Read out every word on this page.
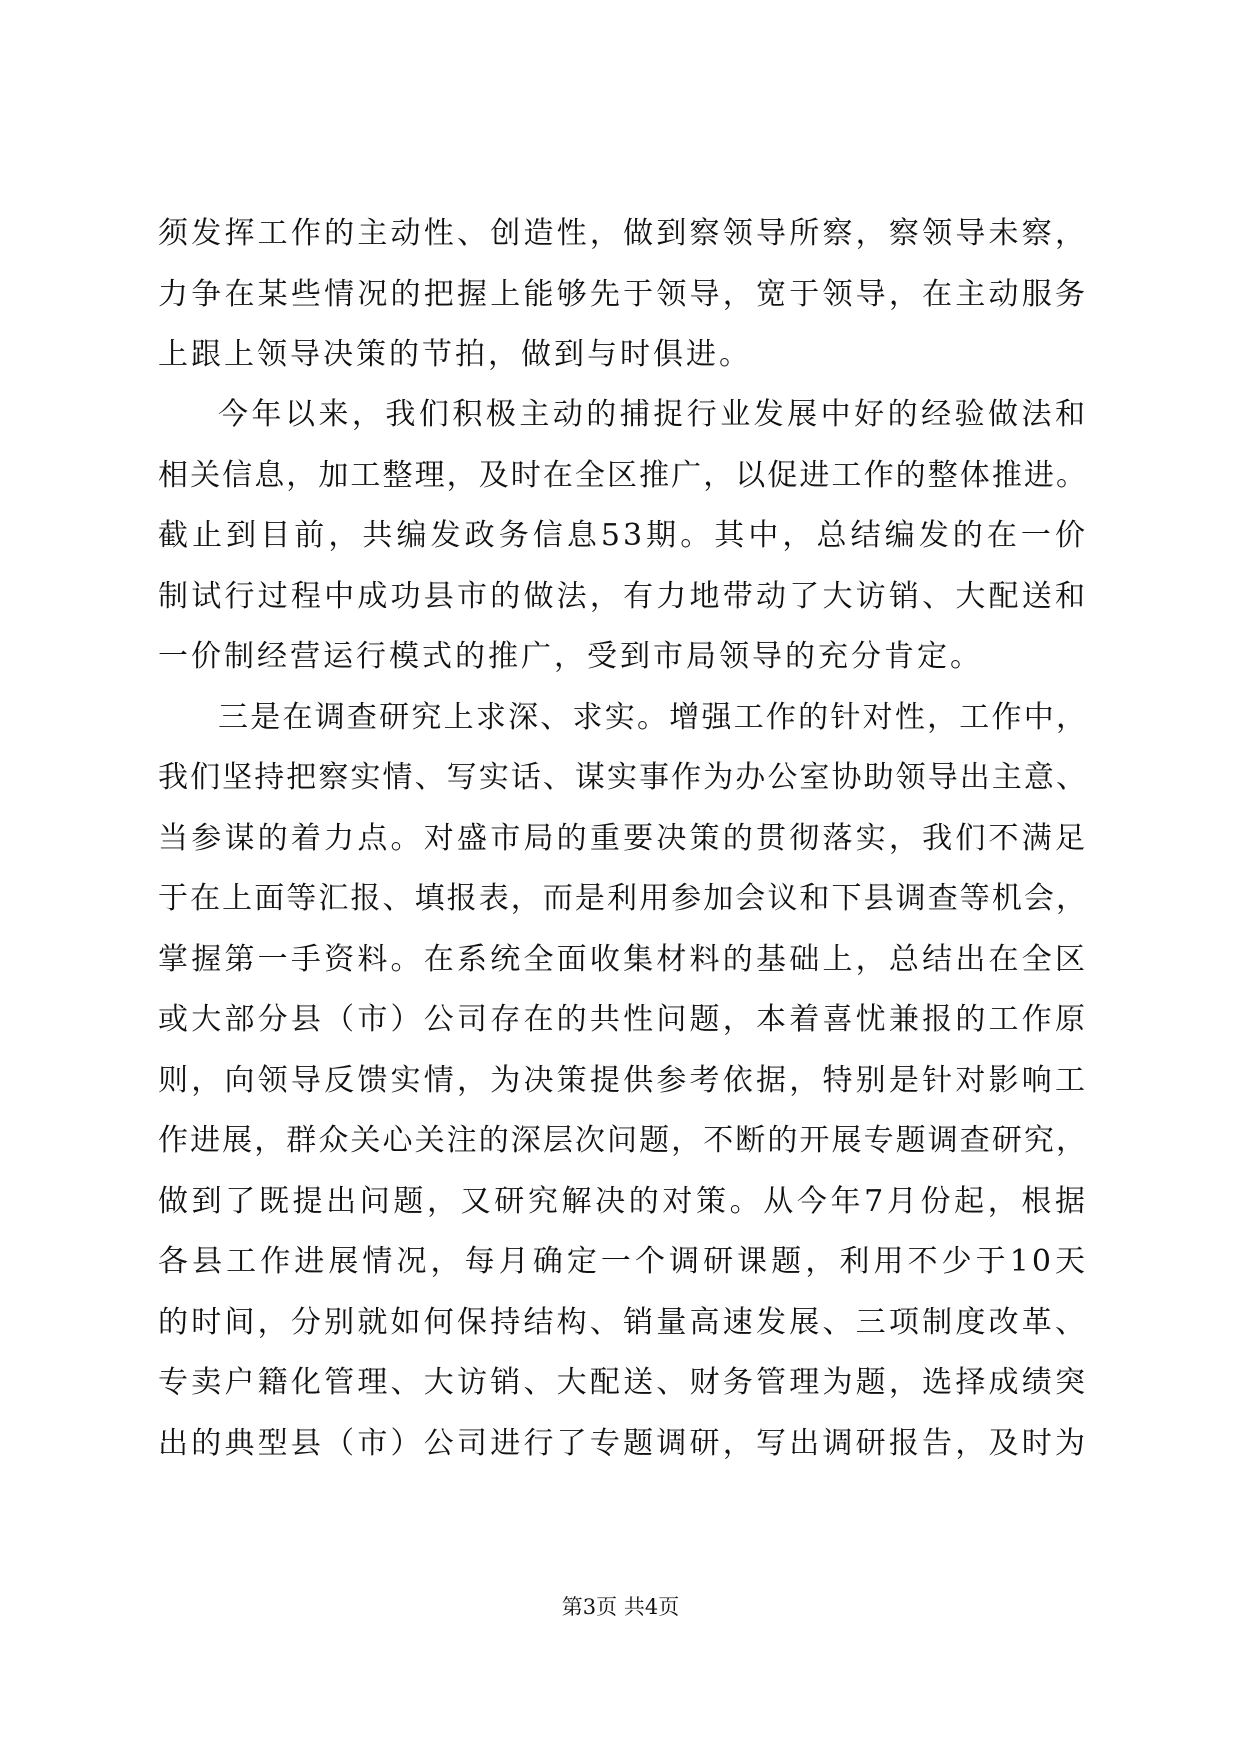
须发挥工作的主动性、创造性，做到察领导所察，察领导未察，
力争在某些情况的把握上能够先于领导，宽于领导，在主动服务
上跟上领导决策的节拍，做到与时俱进。
今年以来，我们积极主动的捕捉行业发展中好的经验做法和
相关信息，加工整理，及时在全区推广，以促进工作的整体推进。
截止到目前，共编发政务信息53期。其中，总结编发的在一价
制试行过程中成功县市的做法，有力地带动了大访销、大配送和
一价制经营运行模式的推广，受到市局领导的充分肯定。
三是在调查研究上求深、求实。增强工作的针对性，工作中，
我们坚持把察实情、写实话、谋实事作为办公室协助领导出主意、
当参谋的着力点。对盛市局的重要决策的贯彻落实，我们不满足
于在上面等汇报、填报表，而是利用参加会议和下县调查等机会，
掌握第一手资料。在系统全面收集材料的基础上，总结出在全区
或大部分县（市）公司存在的共性问题，本着喜忧兼报的工作原
则，向领导反馈实情，为决策提供参考依据，特别是针对影响工
作进展，群众关心关注的深层次问题，不断的开展专题调查研究，
做到了既提出问题，又研究解决的对策。从今年7月份起，根据
各县工作进展情况，每月确定一个调研课题，利用不少于10天
的时间，分别就如何保持结构、销量高速发展、三项制度改革、
专卖户籍化管理、大访销、大配送、财务管理为题，选择成绩突
出的典型县（市）公司进行了专题调研，写出调研报告，及时为
第3页 共4页
